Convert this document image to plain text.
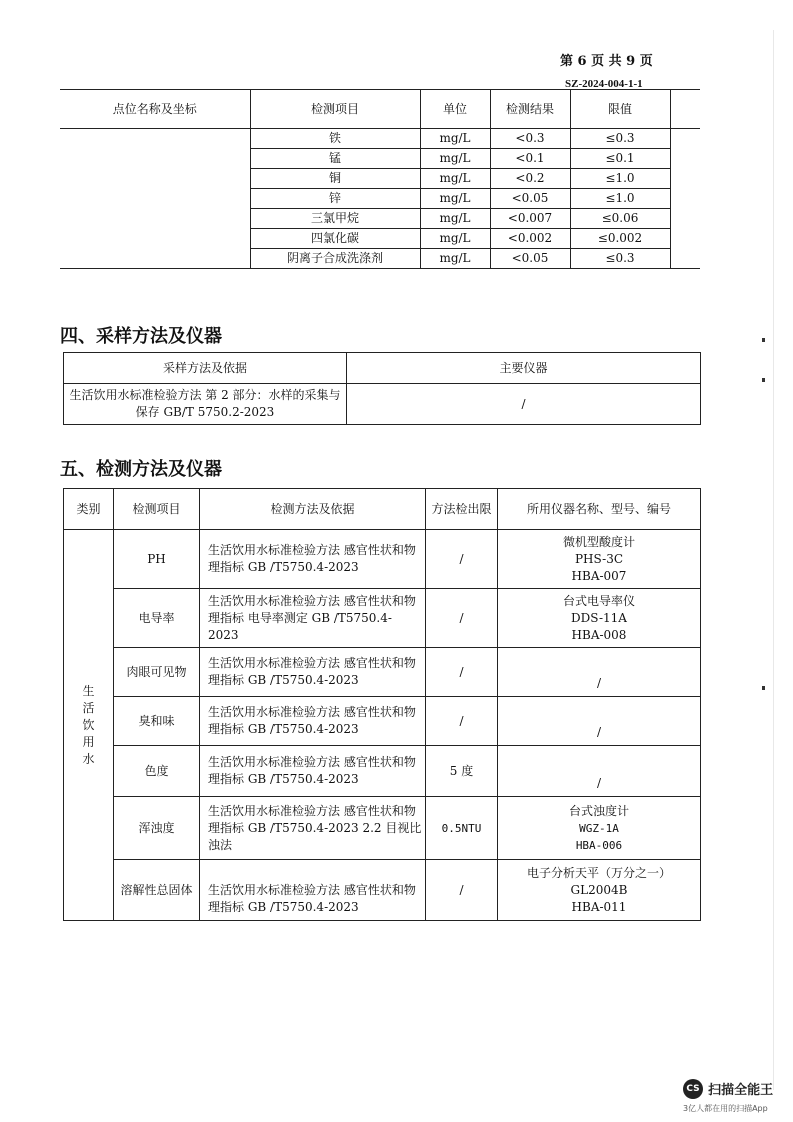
第 6 页 共 9 页
SZ-2024-004-1-1
点位名称及坐标	检测项目	单位	检测结果	限值	
	铁	mg/L	<0.3	≤0.3	
	锰	mg/L	<0.1	≤0.1	
	铜	mg/L	<0.2	≤1.0	
	锌	mg/L	<0.05	≤1.0	
	三氯甲烷	mg/L	<0.007	≤0.06	
	四氯化碳	mg/L	<0.002	≤0.002	
	阴离子合成洗涤剂	mg/L	<0.05	≤0.3	
四、采样方法及仪器
采样方法及依据	主要仪器
生活饮用水标准检验方法 第 2 部分：水样的采集与保存 GB/T 5750.2-2023	/
五、检测方法及仪器
类别	检测项目	检测方法及依据	方法检出限	所用仪器名称、型号、编号
生活饮用水	PH	生活饮用水标准检验方法 感官性状和物理指标 GB /T5750.4-2023	/	微机型酸度计
PHS-3C
HBA-007

	电导率	生活饮用水标准检验方法 感官性状和物理指标 电导率测定 GB /T5750.4-2023	/	台式电导率仪
DDS-11A
HBA-008

	肉眼可见物	生活饮用水标准检验方法 感官性状和物理指标 GB /T5750.4-2023	/	/
	臭和味	生活饮用水标准检验方法 感官性状和物理指标 GB /T5750.4-2023	/	/
	色度	生活饮用水标准检验方法 感官性状和物理指标 GB /T5750.4-2023	5 度	/
	浑浊度	生活饮用水标准检验方法 感官性状和物理指标 GB /T5750.4-2023 2.2 目视比浊法	0.5NTU	台式浊度计
WGZ-1A
HBA-006

	溶解性总固体	生活饮用水标准检验方法 感官性状和物理指标 GB /T5750.4-2023	/	电子分析天平（万分之一）
GL2004B
HBA-011
CS 扫描全能王
3亿人都在用的扫描App
